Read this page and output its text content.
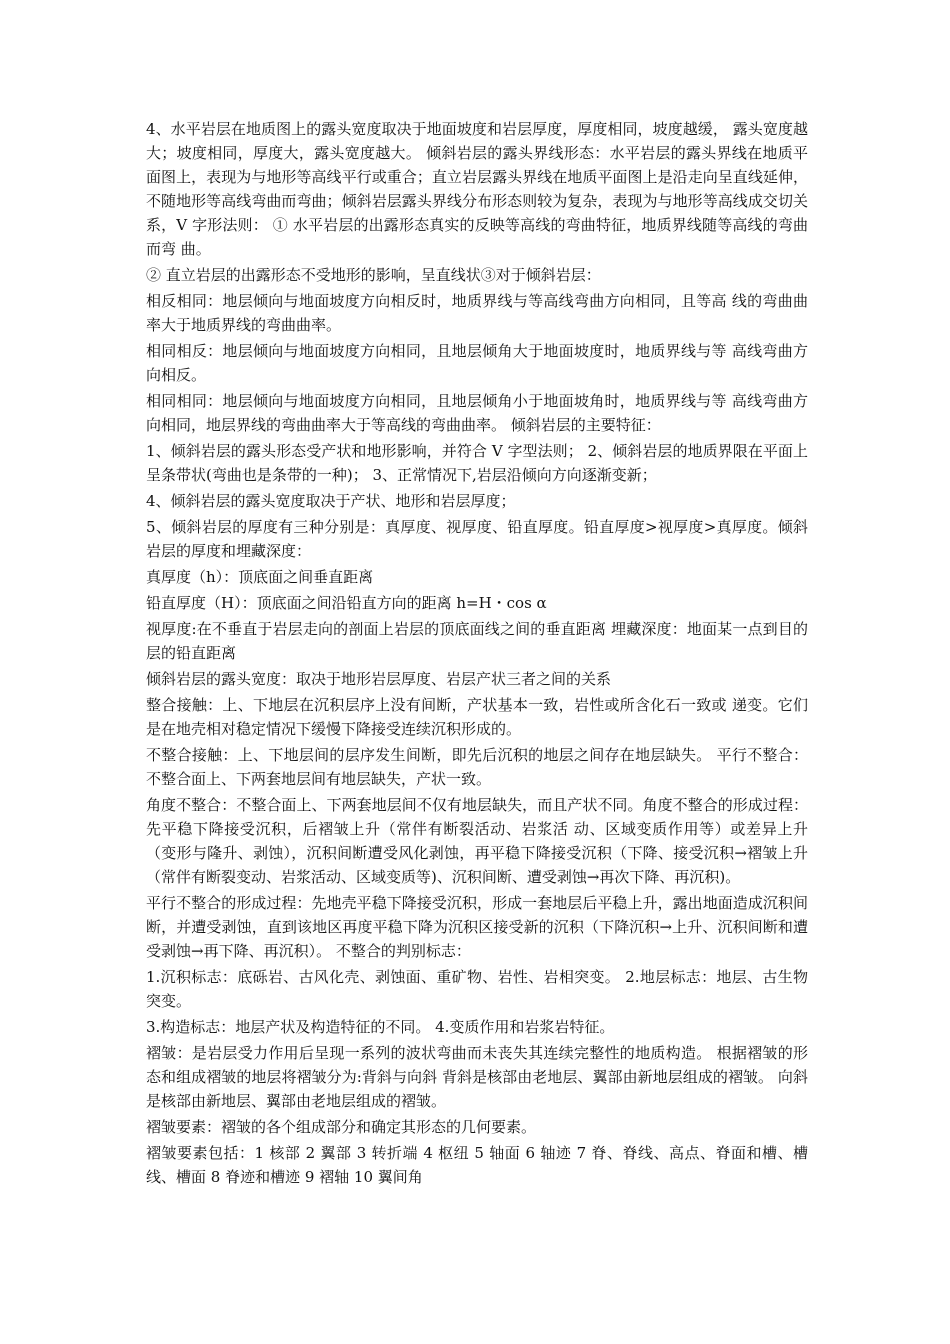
4、水平岩层在地质图上的露头宽度取决于地面坡度和岩层厚度，厚度相同，坡度越缓， 露头宽度越大；坡度相同，厚度大，露头宽度越大。 倾斜岩层的露头界线形态：水平岩层的露头界线在地质平面图上，表现为与地形等高线平行或重合；直立岩层露头界线在地质平面图上是沿走向呈直线延伸，不随地形等高线弯曲而弯曲；倾斜岩层露头界线分布形态则较为复杂，表现为与地形等高线成交切关系，V 字形法则： ① 水平岩层的出露形态真实的反映等高线的弯曲特征，地质界线随等高线的弯曲而弯 曲。

② 直立岩层的出露形态不受地形的影响，呈直线状③对于倾斜岩层：

相反相同：地层倾向与地面坡度方向相反时，地质界线与等高线弯曲方向相同，且等高 线的弯曲曲率大于地质界线的弯曲曲率。

相同相反：地层倾向与地面坡度方向相同，且地层倾角大于地面坡度时，地质界线与等 高线弯曲方向相反。

相同相同：地层倾向与地面坡度方向相同，且地层倾角小于地面坡角时，地质界线与等 高线弯曲方向相同，地层界线的弯曲曲率大于等高线的弯曲曲率。 倾斜岩层的主要特征：

1、倾斜岩层的露头形态受产状和地形影响，并符合 V 字型法则； 2、倾斜岩层的地质界限在平面上呈条带状(弯曲也是条带的一种)； 3、正常情况下,岩层沿倾向方向逐渐变新；

4、倾斜岩层的露头宽度取决于产状、地形和岩层厚度；

5、倾斜岩层的厚度有三种分别是：真厚度、视厚度、铅直厚度。铅直厚度>视厚度>真厚度。倾斜岩层的厚度和埋藏深度：

真厚度（h）：顶底面之间垂直距离

铅直厚度（H）：顶底面之间沿铅直方向的距离 h=H・cos α

视厚度:在不垂直于岩层走向的剖面上岩层的顶底面线之间的垂直距离 埋藏深度：地面某一点到目的层的铅直距离

倾斜岩层的露头宽度：取决于地形岩层厚度、岩层产状三者之间的关系

整合接触：上、下地层在沉积层序上没有间断，产状基本一致，岩性或所含化石一致或 递变。它们是在地壳相对稳定情况下缓慢下降接受连续沉积形成的。

不整合接触：上、下地层间的层序发生间断，即先后沉积的地层之间存在地层缺失。 平行不整合：不整合面上、下两套地层间有地层缺失，产状一致。

角度不整合：不整合面上、下两套地层间不仅有地层缺失，而且产状不同。角度不整合的形成过程：先平稳下降接受沉积，后褶皱上升（常伴有断裂活动、岩浆活 动、区域变质作用等）或差异上升（变形与隆升、剥蚀），沉积间断遭受风化剥蚀，再平稳下降接受沉积（下降、接受沉积→褶皱上升（常伴有断裂变动、岩浆活动、区域变质等)、沉积间断、遭受剥蚀→再次下降、再沉积)。

平行不整合的形成过程：先地壳平稳下降接受沉积，形成一套地层后平稳上升，露出地面造成沉积间断，并遭受剥蚀，直到该地区再度平稳下降为沉积区接受新的沉积（下降沉积→上升、沉积间断和遭受剥蚀→再下降、再沉积）。 不整合的判别标志：

1.沉积标志：底砾岩、古风化壳、剥蚀面、重矿物、岩性、岩相突变。 2.地层标志：地层、古生物突变。

3.构造标志：地层产状及构造特征的不同。 4.变质作用和岩浆岩特征。

褶皱：是岩层受力作用后呈现一系列的波状弯曲而未丧失其连续完整性的地质构造。 根据褶皱的形态和组成褶皱的地层将褶皱分为:背斜与向斜 背斜是核部由老地层、翼部由新地层组成的褶皱。 向斜是核部由新地层、翼部由老地层组成的褶皱。

褶皱要素：褶皱的各个组成部分和确定其形态的几何要素。

褶皱要素包括：1 核部 2 翼部 3 转折端 4 枢纽 5 轴面 6 轴迹 7 脊、脊线、高点、脊面和槽、槽线、槽面 8 脊迹和槽迹 9 褶轴 10 翼间角
